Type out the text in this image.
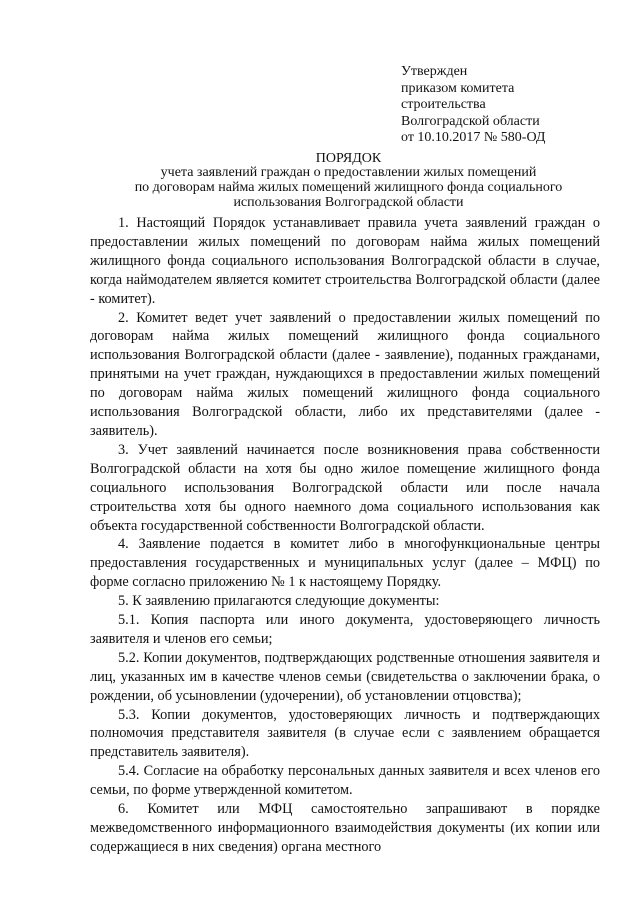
Утвержден
приказом комитета
строительства
Волгоградской области
от 10.10.2017 № 580-ОД
ПОРЯДОК
учета заявлений граждан о предоставлении жилых помещений
по договорам найма жилых помещений жилищного фонда социального
использования Волгоградской области

1. Настоящий Порядок устанавливает правила учета заявлений граждан о предоставлении жилых помещений по договорам найма жилых помещений жилищного фонда социального использования Волгоградской области в случае, когда наймодателем является комитет строительства Волгоградской области (далее - комитет).

2. Комитет ведет учет заявлений о предоставлении жилых помещений по договорам найма жилых помещений жилищного фонда социального использования Волгоградской области (далее - заявление), поданных гражданами, принятыми на учет граждан, нуждающихся в предоставлении жилых помещений по договорам найма жилых помещений жилищного фонда социального использования Волгоградской области, либо их представителями (далее - заявитель).

3. Учет заявлений начинается после возникновения права собственности Волгоградской области на хотя бы одно жилое помещение жилищного фонда социального использования Волгоградской области или после начала строительства хотя бы одного наемного дома социального использования как объекта государственной собственности Волгоградской области.

4. Заявление подается в комитет либо в многофункциональные центры предоставления государственных и муниципальных услуг (далее – МФЦ) по форме согласно приложению № 1 к настоящему Порядку.

5. К заявлению прилагаются следующие документы:

5.1. Копия паспорта или иного документа, удостоверяющего личность заявителя и членов его семьи;

5.2. Копии документов, подтверждающих родственные отношения заявителя и лиц, указанных им в качестве членов семьи (свидетельства о заключении брака, о рождении, об усыновлении (удочерении), об установлении отцовства);

5.3. Копии документов, удостоверяющих личность и подтверждающих полномочия представителя заявителя (в случае если с заявлением обращается представитель заявителя).

5.4. Согласие на обработку персональных данных заявителя и всех членов его семьи, по форме утвержденной комитетом.

6. Комитет или МФЦ самостоятельно запрашивают в порядке межведомственного информационного взаимодействия документы (их копии или содержащиеся в них сведения) органа местного
